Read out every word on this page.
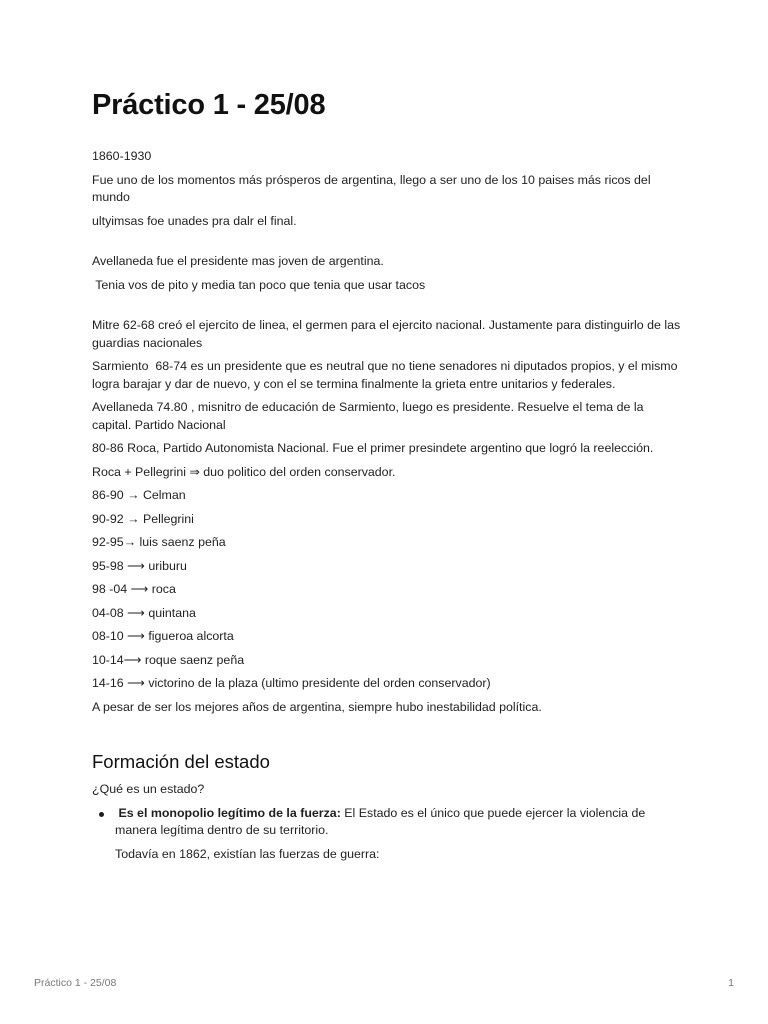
Práctico 1 - 25/08

1860-1930

Fue uno de los momentos más prósperos de argentina, llego a ser uno de los 10 paises más ricos del mundo

ultyimsas foe unades pra dalr el final.

Avellaneda fue el presidente mas joven de argentina.

Tenia vos de pito y media tan poco que tenia que usar tacos

Mitre 62-68 creó el ejercito de linea, el germen para el ejercito nacional. Justamente para distinguirlo de las guardias nacionales

Sarmiento  68-74 es un presidente que es neutral que no tiene senadores ni diputados propios, y el mismo logra barajar y dar de nuevo, y con el se termina finalmente la grieta entre unitarios y federales.

Avellaneda 74.80 , misnitro de educación de Sarmiento, luego es presidente. Resuelve el tema de la capital. Partido Nacional

80-86 Roca, Partido Autonomista Nacional. Fue el primer presindete argentino que logró la reelección.

Roca + Pellegrini ⇒ duo politico del orden conservador.

86-90 → Celman

90-92 → Pellegrini

92-95→ luis saenz peña

95-98 ⟶ uriburu

98 -04 ⟶ roca

04-08 ⟶ quintana

08-10 ⟶ figueroa alcorta

10-14⟶ roque saenz peña

14-16 ⟶ victorino de la plaza (ultimo presidente del orden conservador)

A pesar de ser los mejores años de argentina, siempre hubo inestabilidad política.

Formación del estado

¿Qué es un estado?

Es el monopolio legítimo de la fuerza: El Estado es el único que puede ejercer la violencia de manera legítima dentro de su territorio.

Todavía en 1862, existían las fuerzas de guerra:

Práctico 1 - 25/08	1
